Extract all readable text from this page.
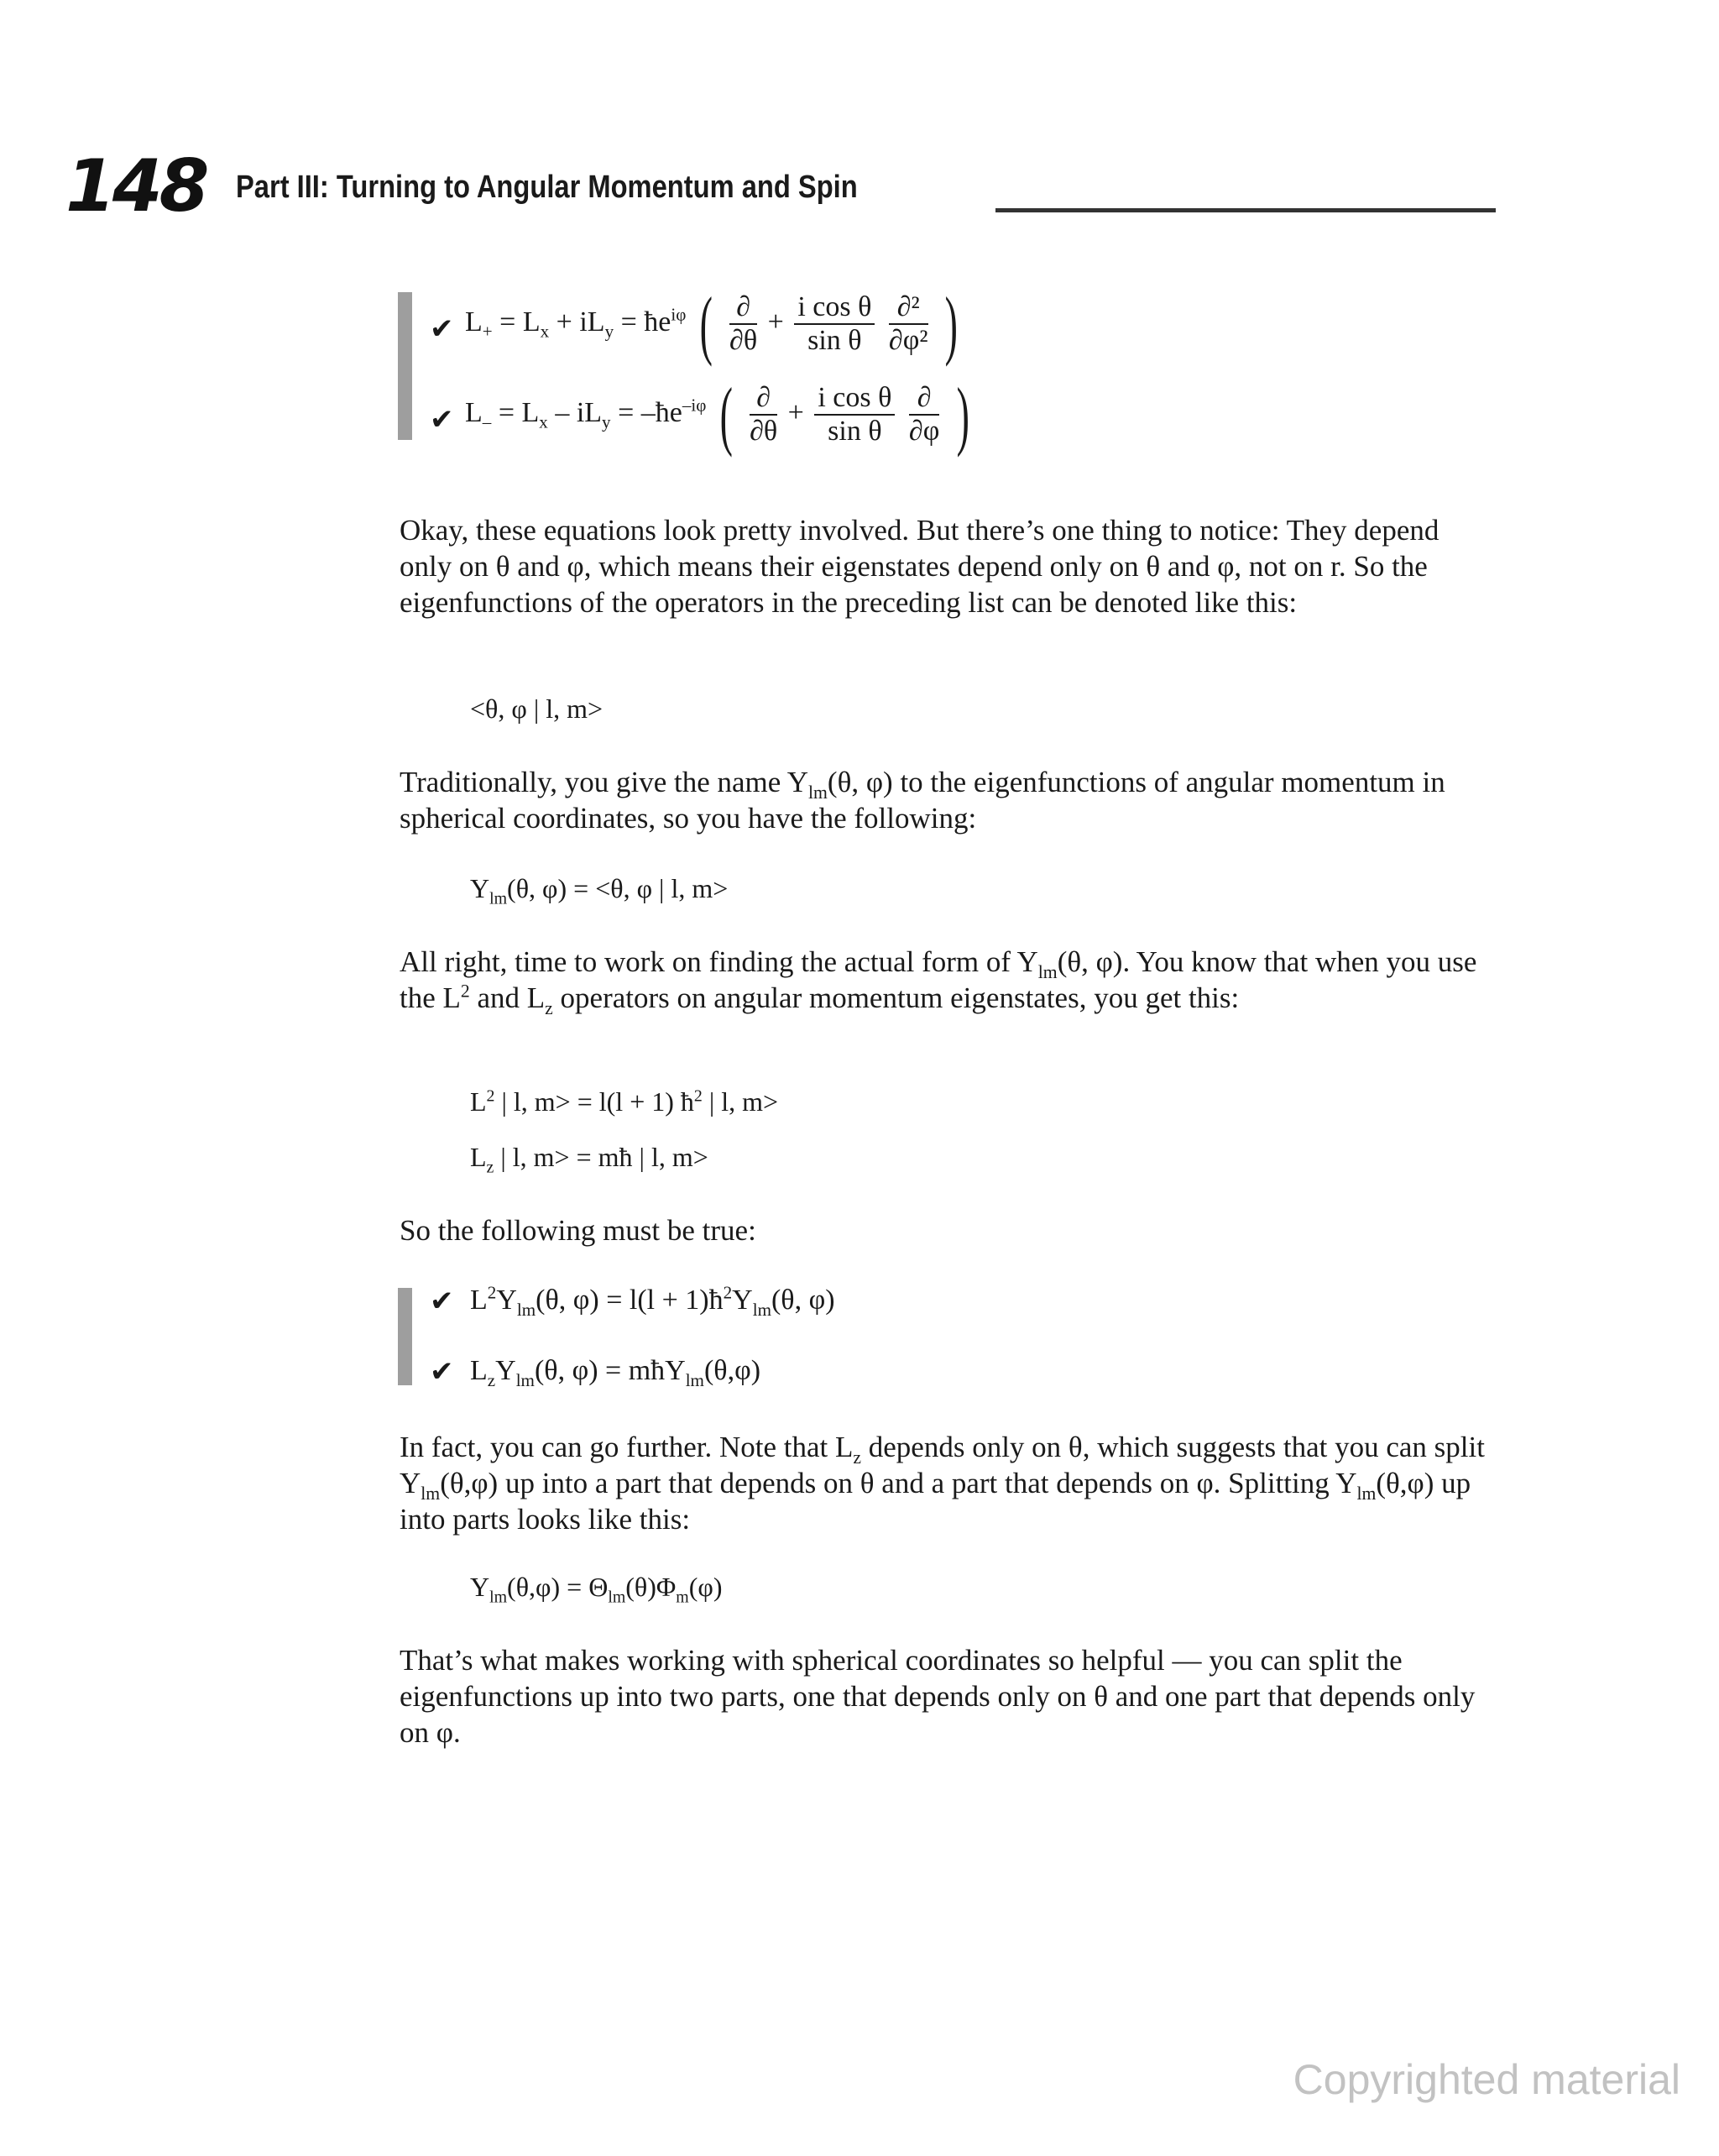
148 Part III: Turning to Angular Momentum and Spin
✔ $L_+ = L_x + iL_y$ = $ħe^{i\varphi}$ ( $\frac{\partial}{\partial\theta} + \frac{\text{i cos θ}}{\text{sin θ}}$
$\frac{\text{∂²}}{\text{∂φ²}}$ )
✔ $L_- = L_x - iL_y$ = $-ħe^{-i\varphi}$ ( $\frac{\partial}{\partial\theta} + \frac{\text{i cos θ}}{\text{sin θ}}$
$\frac{\partial}{\partial\varphi}$ )

Okay, these equations look pretty involved. But there’s one thing to notice: They depend only on θ and φ, which means their eigenstates depend only on θ and φ, not on r. So the eigenfunctions of the operators in the preceding list can be denoted like this:

<θ, φ | l, m>

Traditionally, you give the name $Y_{lm}(\theta$, φ) to the eigenfunctions of angular momentum in spherical coordinates, so you have the following:

$Y_{lm}(\theta$, φ) = <θ, φ | l, m>

All right, time to work on finding the actual form of $Y_{lm}(\theta$, φ). You know that when you use the $L^2$ and $L_z$ operators on angular momentum eigenstates, you get this:

$L^2$ | l, m> = l(l + 1) $ħ^2$ | l, m>
$L_z$ | l, m> = mħ | l, m>

So the following must be true:

✔ $L^2Y_{lm}(\theta$, $\varphi) = l(l + 1)ħ^2Y_{lm}(\theta$, φ)
✔ $L_zY_{lm}(\theta$, φ) = mħY$_{lm}$(θ,φ)

In fact, you can go further. Note that $L_z$ depends only on θ, which suggests that you can split $Y_{lm}(\theta,\varphi)$ up into a part that depends on θ and a part that depends on φ. Splitting $Y_{lm}(\theta,\varphi)$ up into parts looks like this:

$Y_{lm}(\theta,\varphi) = \Theta_{lm}(\theta)\Phi_m(\varphi)$

That’s what makes working with spherical coordinates so helpful — you can split the eigenfunctions up into two parts, one that depends only on θ and one part that depends only on φ.

Copyrighted material
